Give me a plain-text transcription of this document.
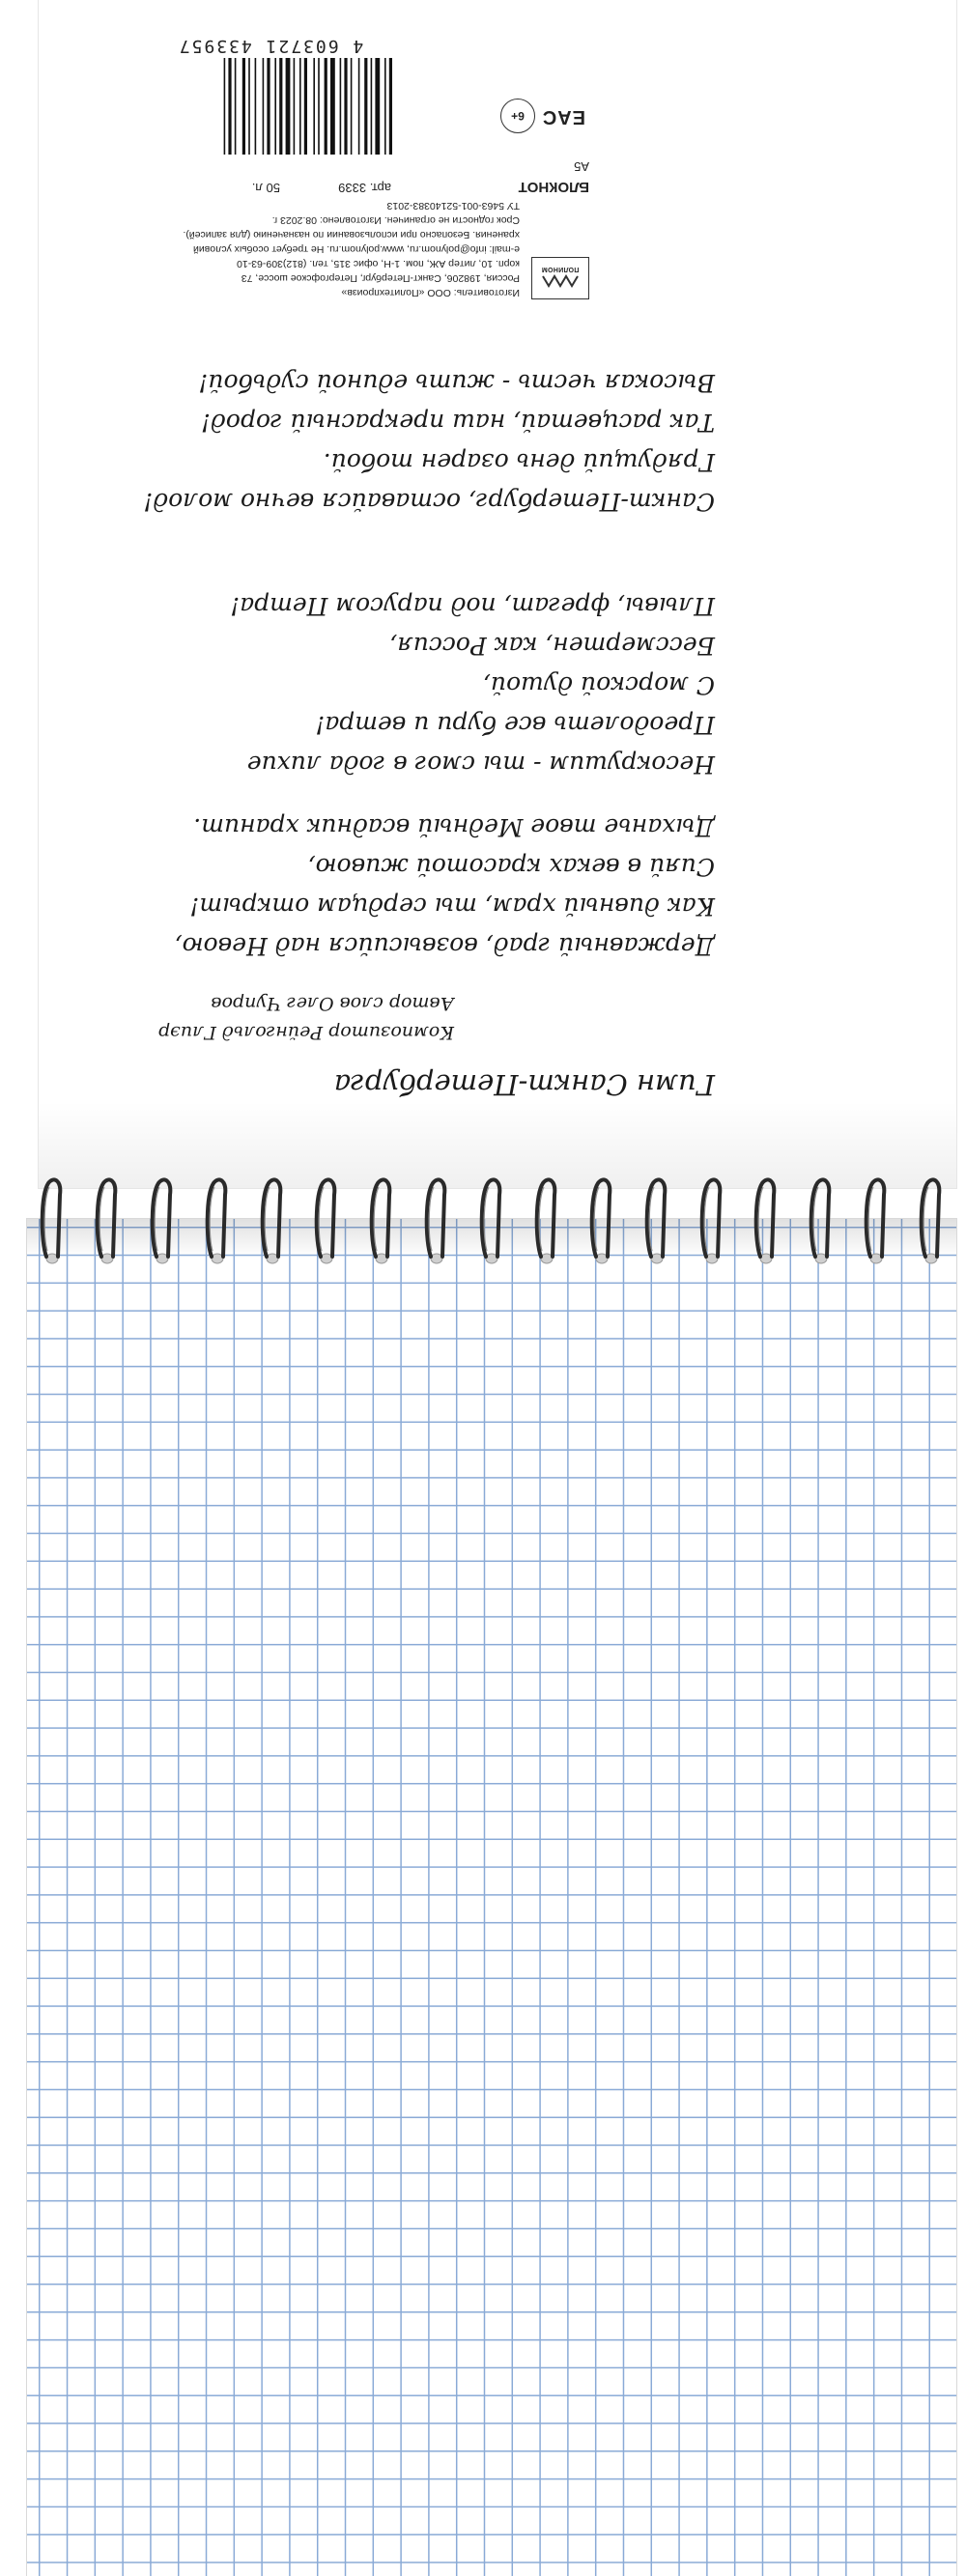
Гимн Санкт-Петербурга
Композитор Рейнгольд Глиэр
Автор слов Олег Чупров
Державный град, возвысийся над Невою,
Как дивный храм, ты сердцам открыт!
Сияй в веках красотой живою,
Дыханье твое Медный всадник хранит.
Несокрушим - ты смог в года лихие
Преодолеть все бури и ветра!
С морской душой,
Бессмертен, как Россия,
Плывы, фрегат, под парусом Петра!
Санкт-Петербург, оставайся вечно молод!
Грядущий день озарен тобой.
Так расцветай, наш прекрасный город!
Высокая честь - жить единой судьбой!
ПОЛИНОМ
Изготовитель: ООО «Политехпроизв»
Россия, 198206, Санкт-Петербург, Петергофское шоссе, 73
корп. 10, литер АЖ, пом. 1-Н, офис 315, тел. (812)309-63-10
e-mail: info@polynom.ru, www.polynom.ru. Не требует особых условий
хранения. Безопасно при использовании по назначению (для записей).
Срок годности не ограничен. Изготовлено: 08.2023 г.
ТУ 5463-001-52140383-2013
БЛОКНОТ
А5
арт. 3339
50 л.
EAC
6+
4 603721 433957
